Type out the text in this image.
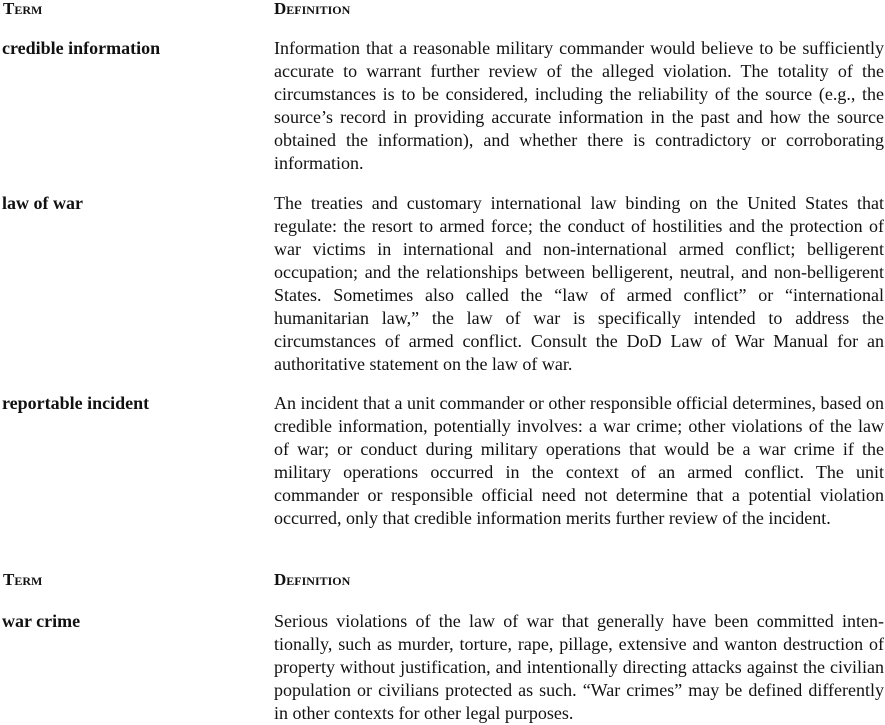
Term	Definition
credible information	Information that a reasonable military commander would believe to be sufficiently accurate to warrant further review of the alleged violation. The totality of the circumstances is to be considered, including the reliability of the source (e.g., the source’s record in providing accurate information in the past and how the source obtained the information), and whether there is contradictory or corroborating information.
law of war	The treaties and customary international law binding on the United States that regulate: the resort to armed force; the conduct of hostilities and the protection of war victims in international and non-international armed conflict; belligerent occupation; and the relationships between belligerent, neutral, and non-belligerent States. Sometimes also called the “law of armed conflict” or “international humanitarian law,” the law of war is specifically intended to address the circumstances of armed conflict. Consult the DoD Law of War Manual for an authoritative statement on the law of war.
reportable incident	An incident that a unit commander or other responsible official determines, based on credible information, potentially involves: a war crime; other violations of the law of war; or conduct during military operations that would be a war crime if the military operations occurred in the context of an armed conflict. The unit commander or responsible official need not determine that a potential violation occurred, only that credible information merits further review of the incident.
Term	Definition
war crime	Serious violations of the law of war that generally have been committed intentionally, such as murder, torture, rape, pillage, extensive and wanton destruction of property without justification, and intentionally directing attacks against the civilian population or civilians protected as such. “War crimes” may be defined differently in other contexts for other legal purposes.
